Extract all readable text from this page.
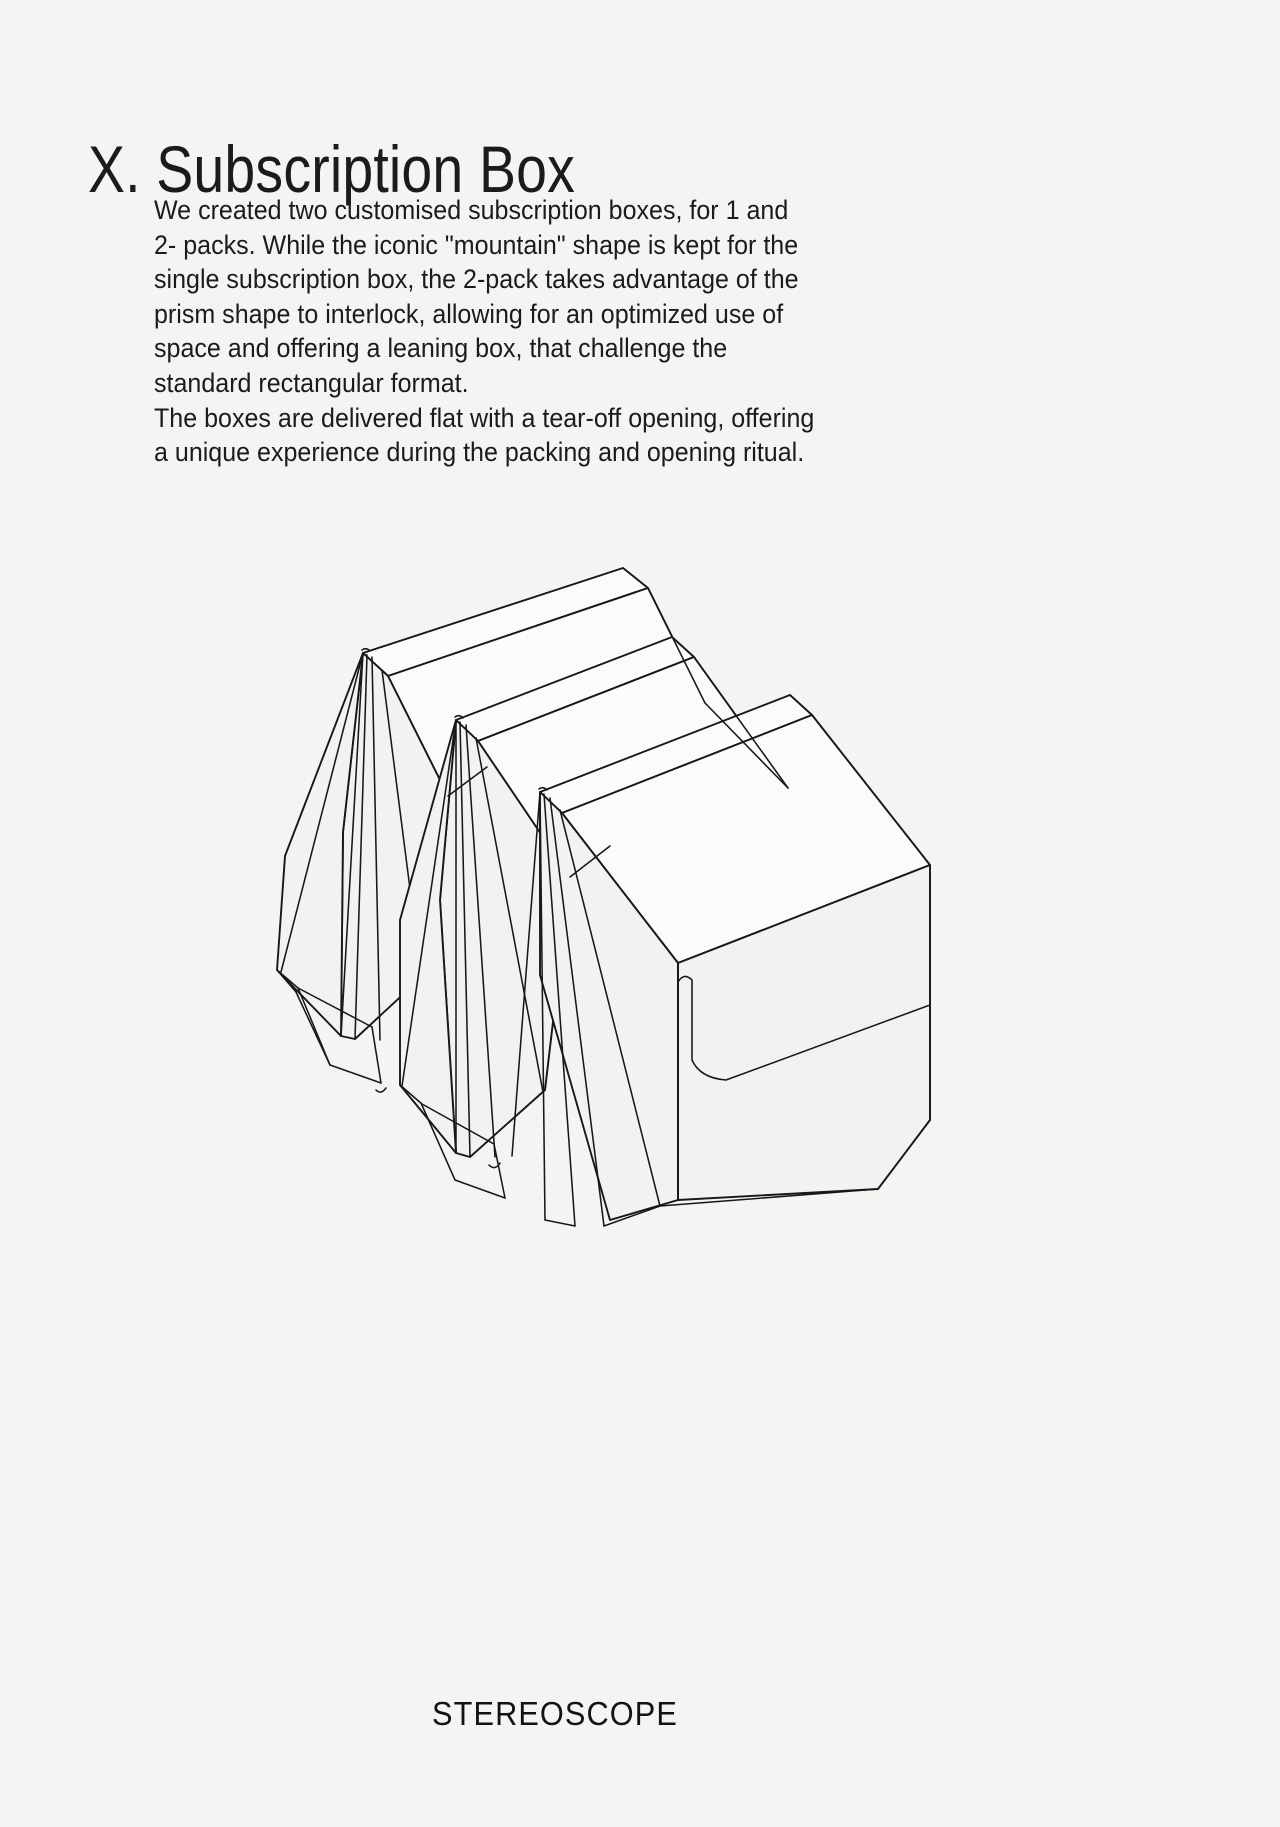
X. Subscription Box

We created two customised subscription boxes, for 1 and

2- packs. While the iconic "mountain" shape is kept for the

single subscription box, the 2-pack takes advantage of the

prism shape to interlock, allowing for an optimized use of

space and offering a leaning box, that challenge the

standard rectangular format.

The boxes are delivered flat with a tear-off opening, offering

a unique experience during the packing and opening ritual.

STEREOSCOPE
